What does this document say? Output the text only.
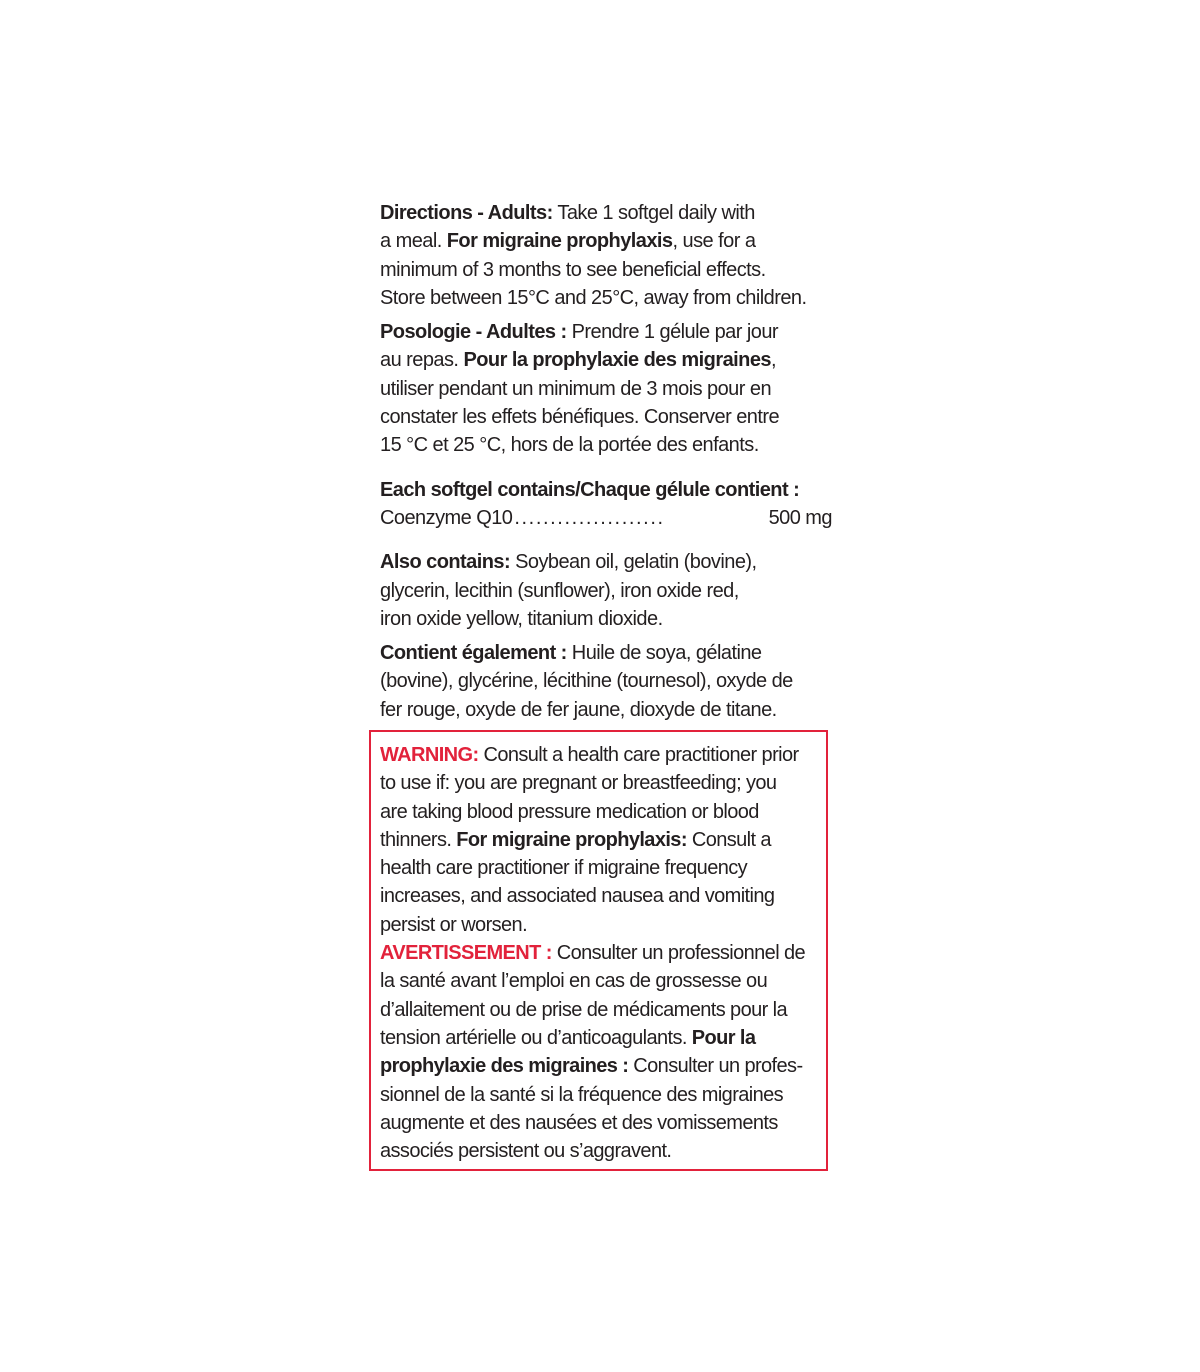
Directions - Adults: Take 1 softgel daily with
a meal. For migraine prophylaxis, use for a
minimum of 3 months to see beneficial effects.
Store between 15°C and 25°C, away from children.

Posologie - Adultes : Prendre 1 gélule par jour
au repas. Pour la prophylaxie des migraines,
utiliser pendant un minimum de 3 mois pour en
constater les effets bénéfiques. Conserver entre
15 °C et 25 °C, hors de la portée des enfants.

Each softgel contains/Chaque gélule contient :

Coenzyme Q10 .....................	500 mg

Also contains: Soybean oil, gelatin (bovine),
glycerin, lecithin (sunflower), iron oxide red,
iron oxide yellow, titanium dioxide.

Contient également : Huile de soya, gélatine
(bovine), glycérine, lécithine (tournesol), oxyde de
fer rouge, oxyde de fer jaune, dioxyde de titane.

WARNING: Consult a health care practitioner prior
to use if: you are pregnant or breastfeeding; you
are taking blood pressure medication or blood
thinners. For migraine prophylaxis: Consult a
health care practitioner if migraine frequency
increases, and associated nausea and vomiting
persist or worsen.

AVERTISSEMENT : Consulter un professionnel de
la santé avant l’emploi en cas de grossesse ou
d’allaitement ou de prise de médicaments pour la
tension artérielle ou d’anticoagulants. Pour la
prophylaxie des migraines : Consulter un profes-
sionnel de la santé si la fréquence des migraines
augmente et des nausées et des vomissements
associés persistent ou s’aggravent.
